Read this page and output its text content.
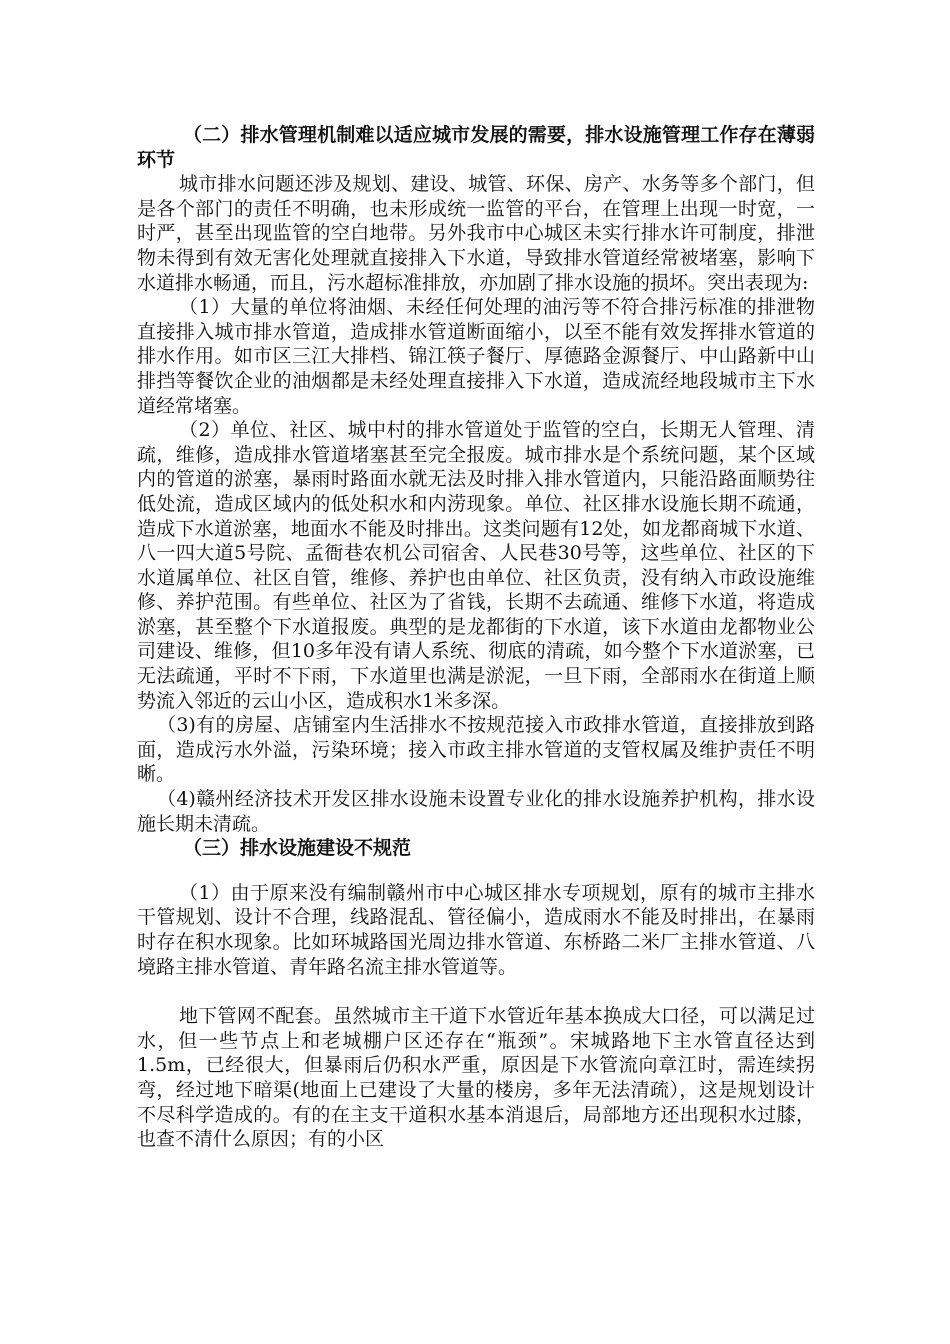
（二）排水管理机制难以适应城市发展的需要，排水设施管理工作存在薄弱环节

城市排水问题还涉及规划、建设、城管、环保、房产、水务等多个部门，但是各个部门的责任不明确，也未形成统一监管的平台，在管理上出现一时宽，一时严，甚至出现监管的空白地带。另外我市中心城区未实行排水许可制度，排泄物未得到有效无害化处理就直接排入下水道，导致排水管道经常被堵塞，影响下水道排水畅通，而且，污水超标准排放，亦加剧了排水设施的损坏。突出表现为:

（1）大量的单位将油烟、未经任何处理的油污等不符合排污标准的排泄物直接排入城市排水管道，造成排水管道断面缩小，以至不能有效发挥排水管道的排水作用。如市区三江大排档、锦江筷子餐厅、厚德路金源餐厅、中山路新中山排挡等餐饮企业的油烟都是未经处理直接排入下水道，造成流经地段城市主下水道经常堵塞。

（2）单位、社区、城中村的排水管道处于监管的空白，长期无人管理、清疏，维修，造成排水管道堵塞甚至完全报废。城市排水是个系统问题，某个区域内的管道的淤塞，暴雨时路面水就无法及时排入排水管道内，只能沿路面顺势往低处流，造成区域内的低处积水和内涝现象。单位、社区排水设施长期不疏通，造成下水道淤塞，地面水不能及时排出。这类问题有12处，如龙都商城下水道、八一四大道5号院、孟衙巷农机公司宿舍、人民巷30号等，这些单位、社区的下水道属单位、社区自管，维修、养护也由单位、社区负责，没有纳入市政设施维修、养护范围。有些单位、社区为了省钱，长期不去疏通、维修下水道，将造成淤塞，甚至整个下水道报废。典型的是龙都街的下水道，该下水道由龙都物业公司建设、维修，但10多年没有请人系统、彻底的清疏，如今整个下水道淤塞，已无法疏通，平时不下雨，下水道里也满是淤泥，一旦下雨，全部雨水在街道上顺势流入邻近的云山小区，造成积水1米多深。

（3)有的房屋、店铺室内生活排水不按规范接入市政排水管道，直接排放到路面，造成污水外溢，污染环境；接入市政主排水管道的支管权属及维护责任不明晰。

（4)赣州经济技术开发区排水设施未设置专业化的排水设施养护机构，排水设施长期未清疏。

（三）排水设施建设不规范

（1）由于原来没有编制赣州市中心城区排水专项规划，原有的城市主排水干管规划、设计不合理，线路混乱、管径偏小，造成雨水不能及时排出，在暴雨时存在积水现象。比如环城路国光周边排水管道、东桥路二米厂主排水管道、八境路主排水管道、青年路名流主排水管道等。

地下管网不配套。虽然城市主干道下水管近年基本换成大口径，可以满足过水，但一些节点上和老城棚户区还存在“瓶颈”。宋城路地下主水管直径达到1.5m，已经很大，但暴雨后仍积水严重，原因是下水管流向章江时，需连续拐弯，经过地下暗渠(地面上已建设了大量的楼房，多年无法清疏），这是规划设计不尽科学造成的。有的在主支干道积水基本消退后，局部地方还出现积水过膝，也查不清什么原因；有的小区
